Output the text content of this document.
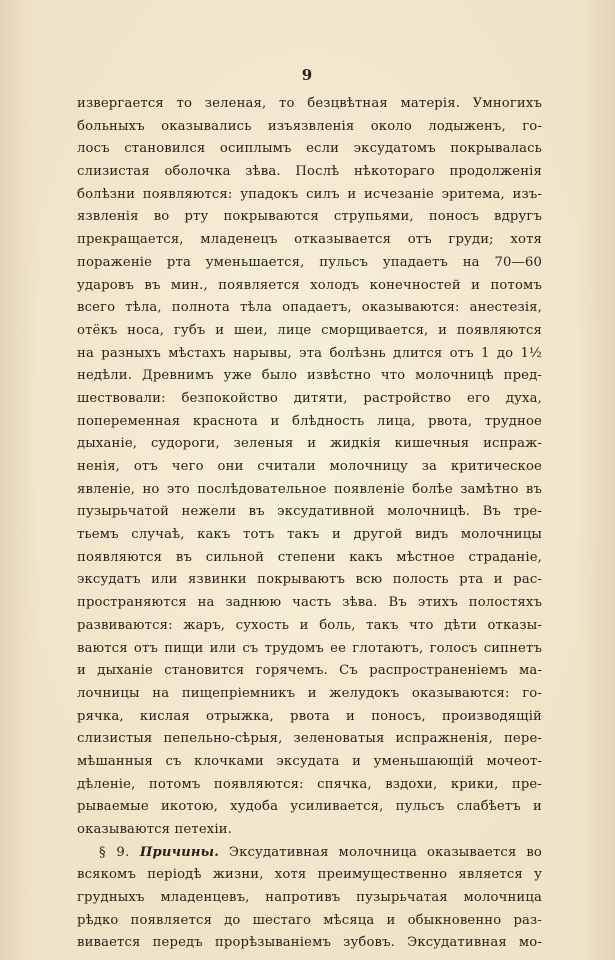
9
извергается то зеленая, то безцвѣтная матерія. Умногихъ
больныхъ оказывались изъязвленія около лодыженъ, го-
лосъ становился осиплымъ если эксудатомъ покрывалась
слизистая оболочка зѣва. Послѣ нѣкотораго продолженія
болѣзни появляются: упадокъ силъ и исчезаніе эритема, изъ-
язвленія во рту покрываются струпьями, поносъ вдругъ
прекращается, младенецъ отказывается отъ груди; хотя
пораженіе рта уменьшается, пульсъ упадаетъ на 70—60
ударовъ въ мин., появляется холодъ конечностей и потомъ
всего тѣла, полнота тѣла опадаетъ, оказываются: анестезія,
отёкъ носа, губъ и шеи, лице сморщивается, и появляются
на разныхъ мѣстахъ нарывы, эта болѣзнь длится отъ 1 до 1½
недѣли. Древнимъ уже было извѣстно что молочницѣ пред-
шествовали: безпокойство дитяти, растройство его духа,
попеременная краснота и блѣдность лица, рвота, трудное
дыханіе, судороги, зеленыя и жидкія кишечныя испраж-
ненія, отъ чего они считали молочницу за критическое
явленіе, но это послѣдовательное появленіе болѣе замѣтно въ
пузырьчатой нежели въ эксудативной молочницѣ. Въ тре-
тьемъ случаѣ, какъ тотъ такъ и другой видъ молочницы
появляются въ сильной степени какъ мѣстное страданіе,
эксудатъ или язвинки покрываютъ всю полость рта и рас-
пространяются на заднюю часть зѣва. Въ этихъ полостяхъ
развиваются: жаръ, сухость и боль, такъ что дѣти отказы-
ваются отъ пищи или съ трудомъ ее глотаютъ, голосъ сипнетъ
и дыханіе становится горячемъ. Съ распространеніемъ ма-
лочницы на пищепріемникъ и желудокъ оказываются: го-
рячка, кислая отрыжка, рвота и поносъ, производящій
слизистыя пепельно-сѣрыя, зеленоватыя испражненія, пере-
мѣшанныя съ клочками эксудата и уменьшающій мочеот-
дѣленіе, потомъ появляются: спячка, вздохи, крики, пре-
рываемые икотою, худоба усиливается, пульсъ слабѣетъ и
оказываются петехіи.
§ 9. Причины. Эксудативная молочница оказывается во
всякомъ періодѣ жизни, хотя преимущественно является у
грудныхъ младенцевъ, напротивъ пузырьчатая молочница
рѣдко появляется до шестаго мѣсяца и обыкновенно раз-
вивается передъ прорѣзываніемъ зубовъ. Эксудативная мо-
